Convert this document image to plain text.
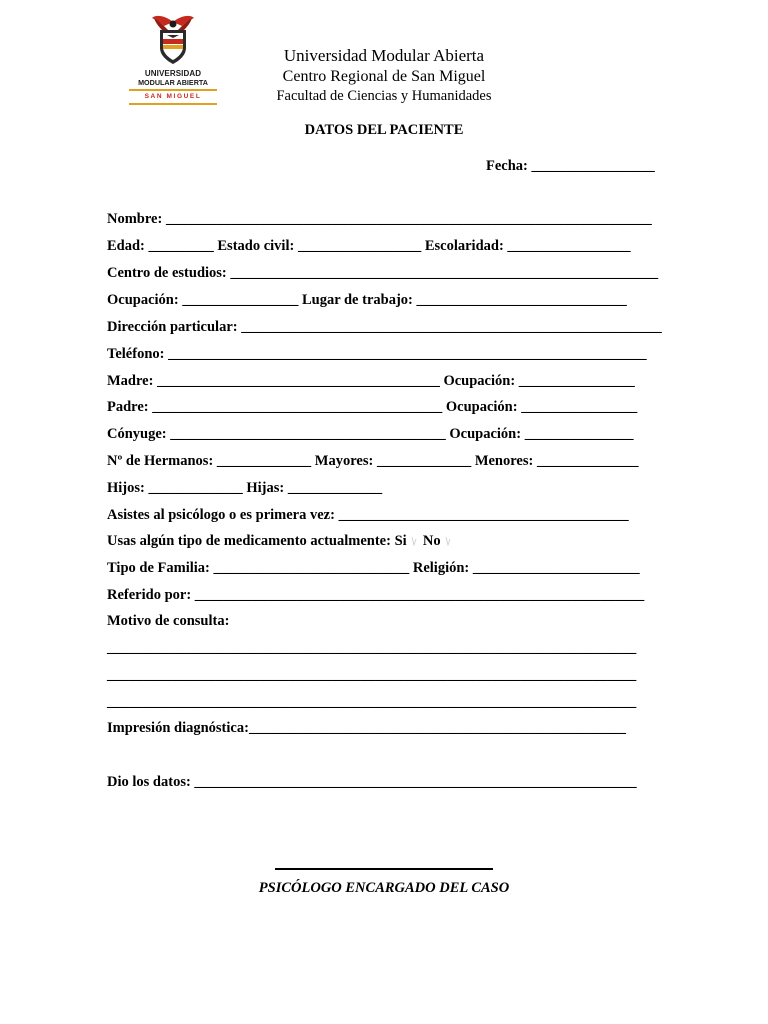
UNIVERSIDAD
MODULAR ABIERTA
SAN MIGUEL
Universidad Modular Abierta
Centro Regional de San Miguel
Facultad de Ciencias y Humanidades
DATOS DEL PACIENTE
Fecha: _________________
Nombre: ___________________________________________________________________
Edad: _________ Estado civil: _________________ Escolaridad: _________________
Centro de estudios: ___________________________________________________________
Ocupación: ________________ Lugar de trabajo: _____________________________
Dirección particular: __________________________________________________________
Teléfono: __________________________________________________________________
Madre: _______________________________________ Ocupación: ________________
Padre: ________________________________________ Ocupación: ________________
Cónyuge: ______________________________________ Ocupación: _______________
Nº de Hermanos: _____________ Mayores: _____________ Menores: ______________
Hijos: _____________ Hijas: _____________
Asistes al psicólogo o es primera vez: ________________________________________
Usas algún tipo de medicamento actualmente: Si No
Tipo de Familia: ___________________________ Religión: _______________________
Referido por: ______________________________________________________________
Motivo de consulta:
_________________________________________________________________________
_________________________________________________________________________
_________________________________________________________________________
Impresión diagnóstica:____________________________________________________
Dio los datos: _____________________________________________________________
PSICÓLOGO ENCARGADO DEL CASO
